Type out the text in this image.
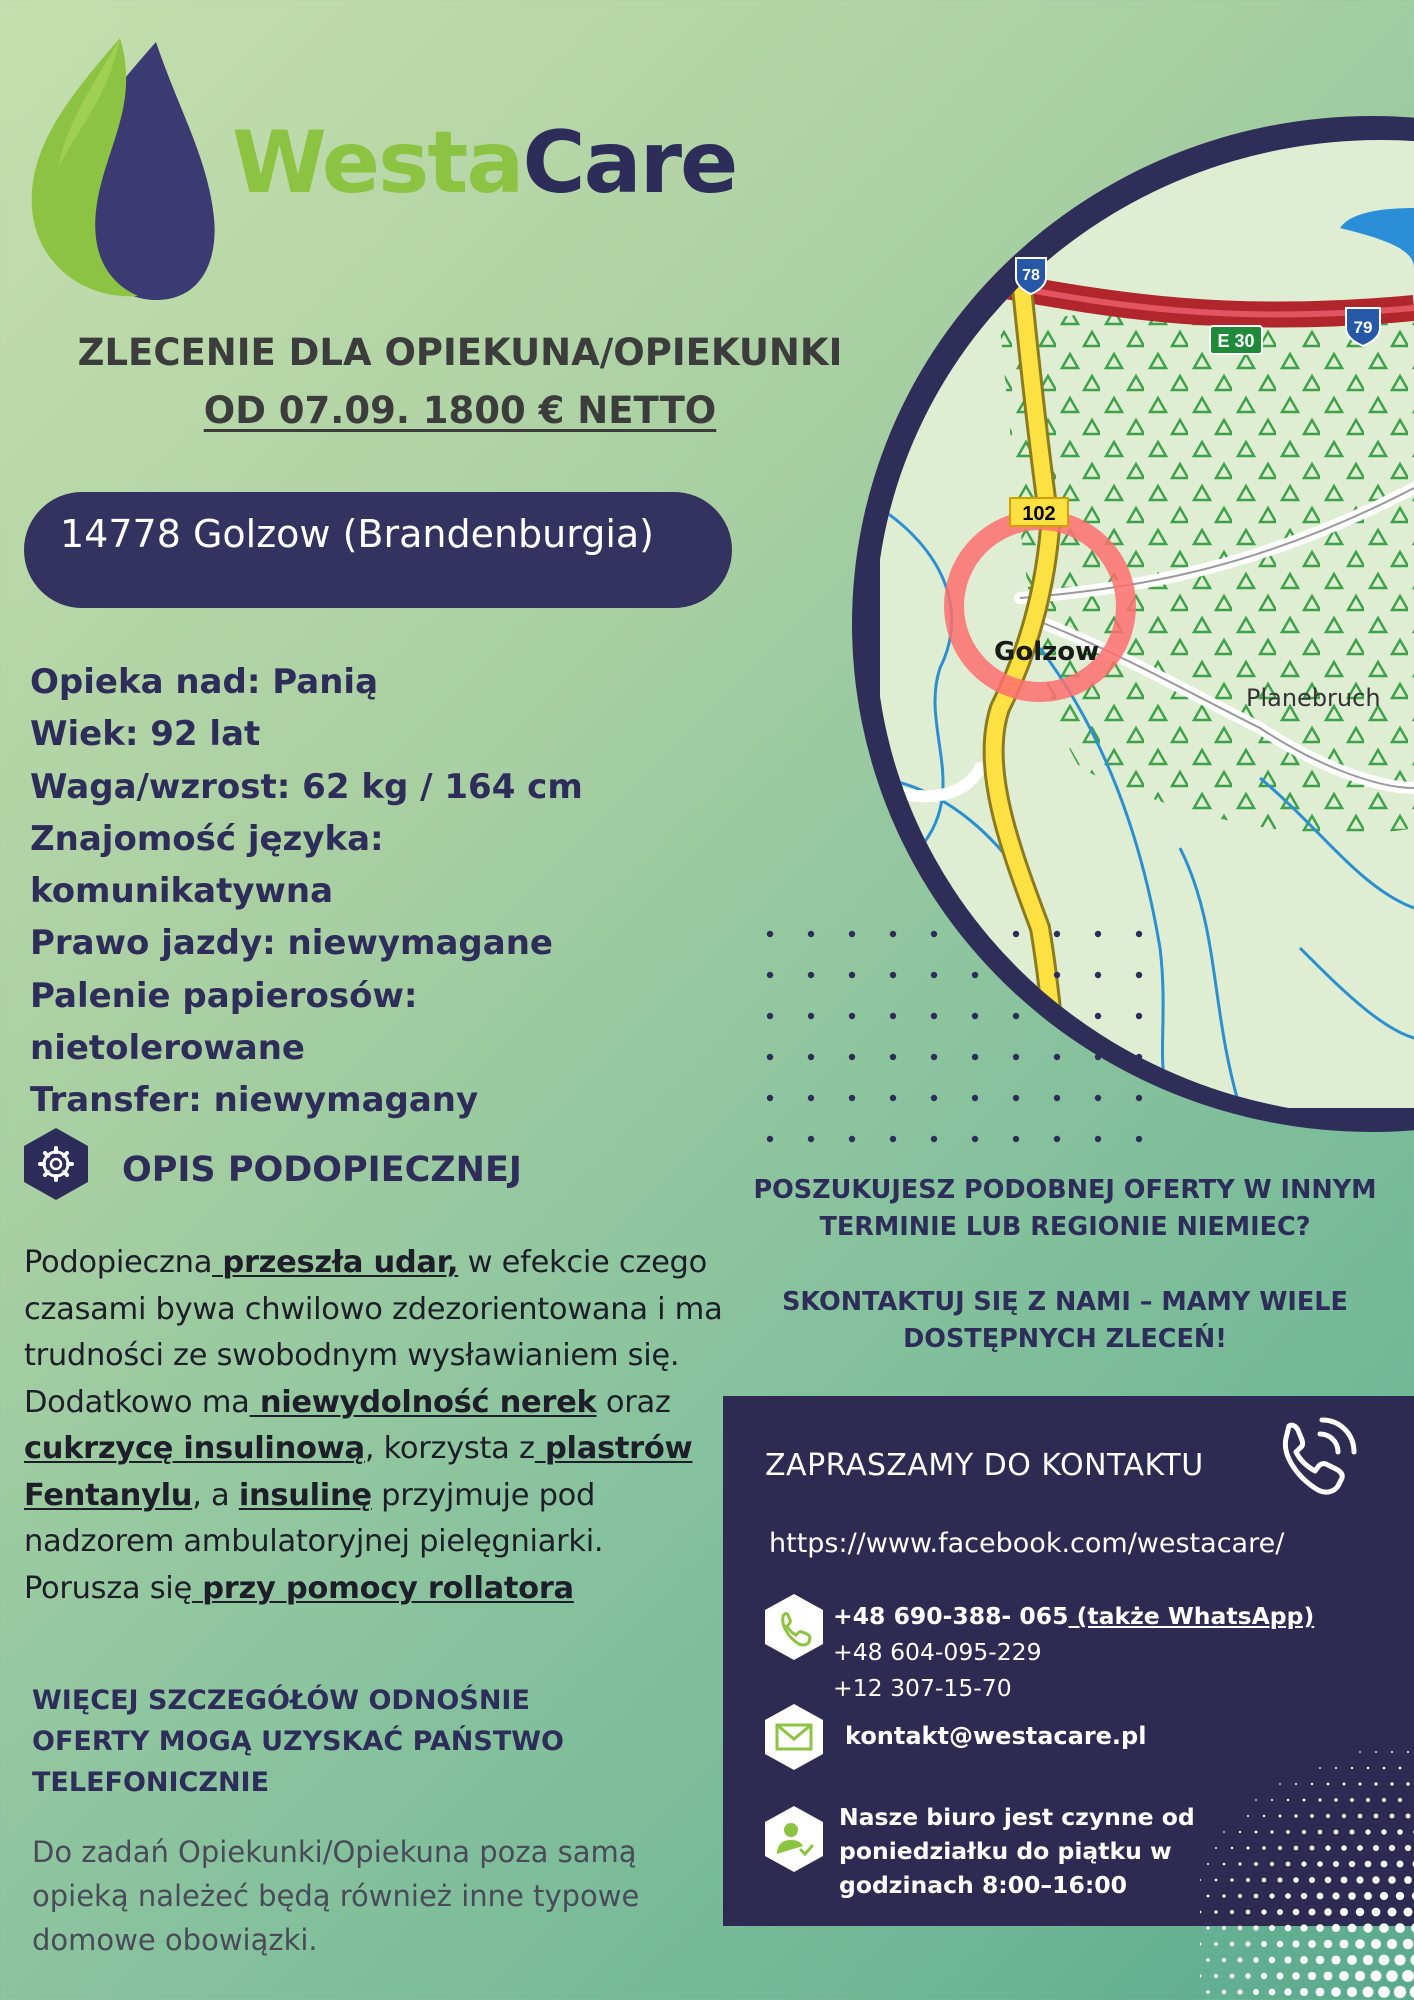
WestaCare
ZLECENIE DLA OPIEKUNA/OPIEKUNKI
OD 07.09. 1800 € NETTO
14778 Golzow (Brandenburgia)
Opieka nad: Panią
Wiek: 92 lat
Waga/wzrost: 62 kg / 164 cm
Znajomość języka:
komunikatywna
Prawo jazdy: niewymagane
Palenie papierosów:
nietolerowane
Transfer: niewymagany
OPIS PODOPIECZNEJ
Podopieczna przeszła udar, w efekcie czego czasami bywa chwilowo zdezorientowana i ma trudności ze swobodnym wysławianiem się. Dodatkowo ma niewydolność nerek oraz cukrzycę insulinową, korzysta z plastrów Fentanylu, a insulinę przyjmuje pod nadzorem ambulatoryjnej pielęgniarki. Porusza się przy pomocy rollatora
WIĘCEJ SZCZEGÓŁÓW ODNOŚNIE OFERTY MOGĄ UZYSKAĆ PAŃSTWO TELEFONICZNIE
Do zadań Opiekunki/Opiekuna poza samą opieką należeć będą również inne typowe domowe obowiązki.
78
E 30
79
102
Golzow
Planebruch

POSZUKUJESZ PODOBNEJ OFERTY W INNYM TERMINIE LUB REGIONIE NIEMIEC?

SKONTAKTUJ SIĘ Z NAMI – MAMY WIELE DOSTĘPNYCH ZLECEŃ!

ZAPRASZAMY DO KONTAKTU
https://www.facebook.com/westacare/
+48 690-388- 065 (także WhatsApp)
+48 604-095-229
+12 307-15-70
kontakt@westacare.pl
Nasze biuro jest czynne od poniedziałku do piątku w godzinach 8:00–16:00
